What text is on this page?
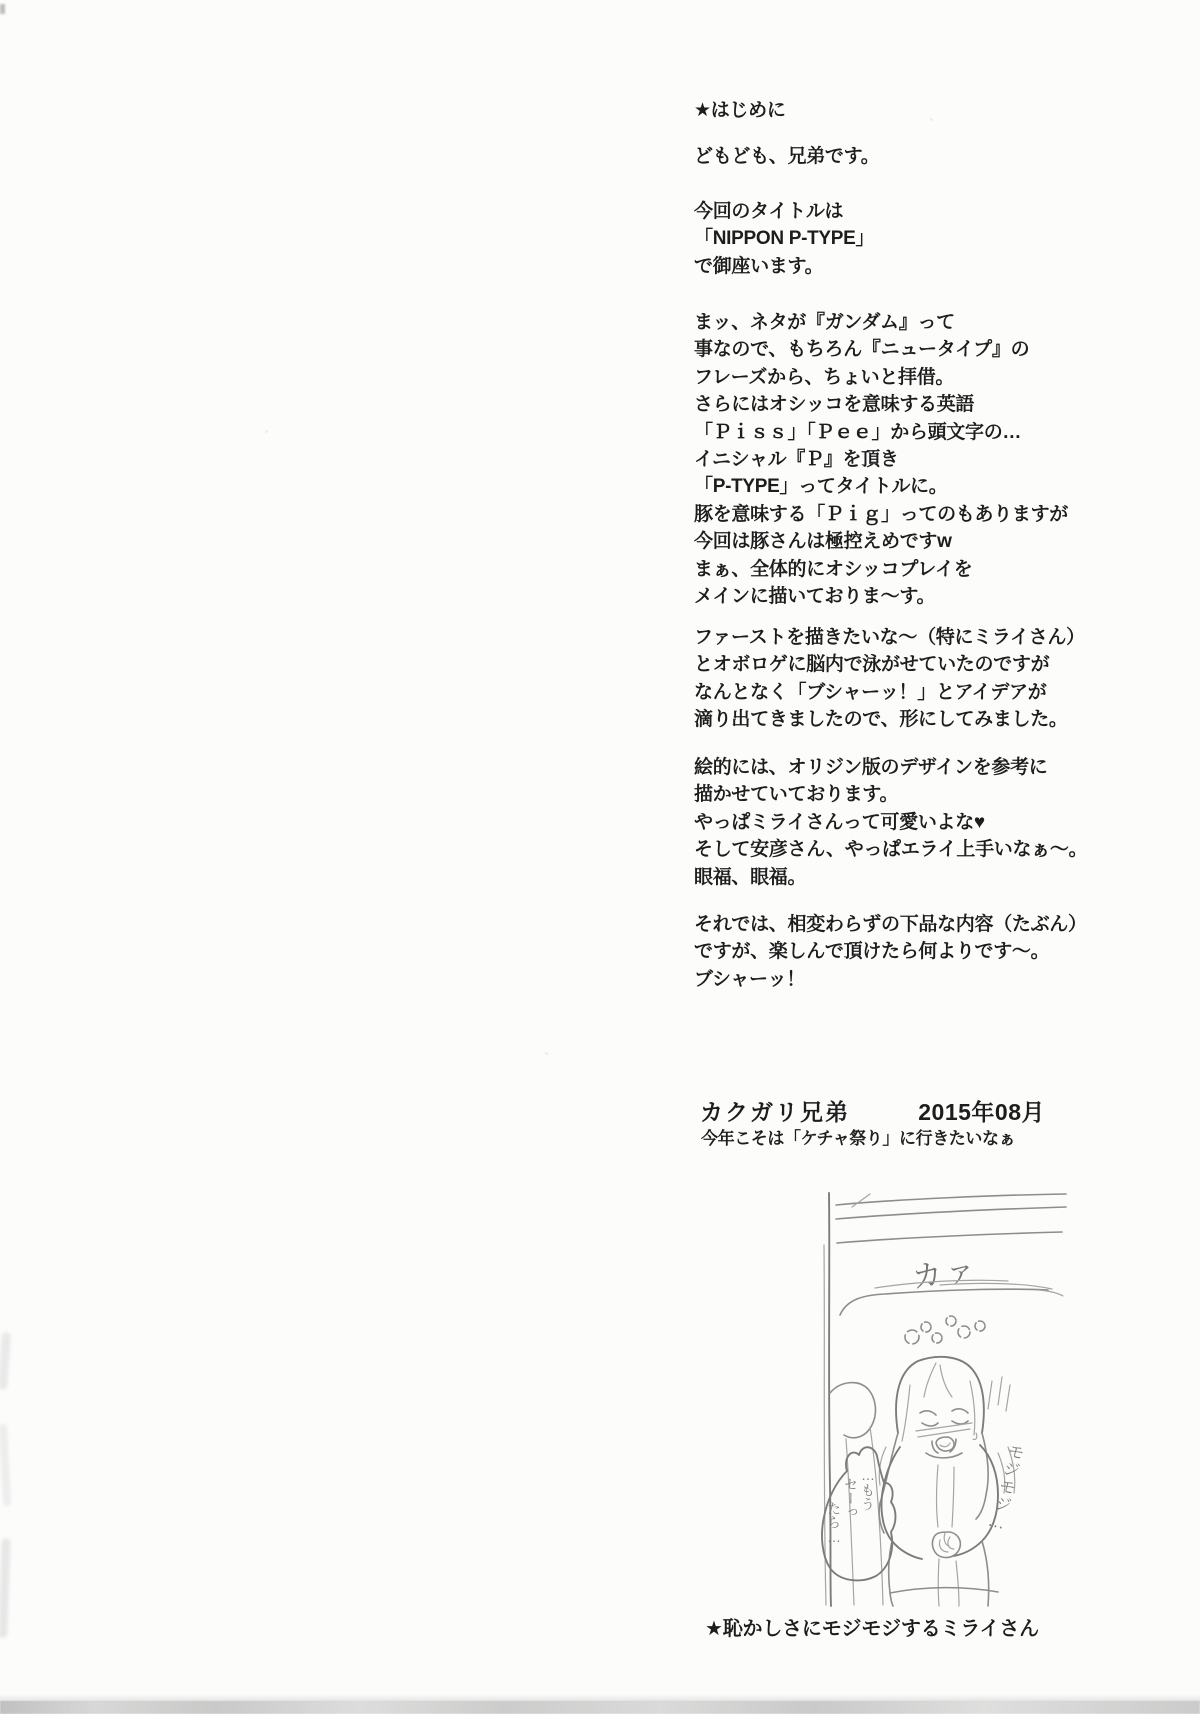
★はじめに
どもども、兄弟です。
今回のタイトルは
「NIPPON P-TYPE」
で御座います。
まッ、ネタが『ガンダム』って
事なので、もちろん『ニュータイプ』の
フレーズから、ちょいと拝借。
さらにはオシッコを意味する英語
「Ｐｉｓｓ」「Ｐｅｅ」から頭文字の…
イニシャル『Ｐ』を頂き
「P-TYPE」ってタイトルに。
豚を意味する「Ｐｉｇ」ってのもありますが
今回は豚さんは極控えめですw
まぁ、全体的にオシッコプレイを
メインに描いておりま〜す。
ファーストを描きたいな〜（特にミライさん）
とオボロゲに脳内で泳がせていたのですが
なんとなく「ブシャーッ！」とアイデアが
滴り出てきましたので、形にしてみました。
絵的には、オリジン版のデザインを参考に
描かせていております。
やっぱミライさんって可愛いよな♥
そして安彦さん、やっぱエライ上手いなぁ〜。
眼福、眼福。
それでは、相変わらずの下品な内容（たぶん）
ですが、楽しんで頂けたら何よりです〜。
ブシャーッ！
カクガリ兄弟	2015年08月
今年こそは「ケチャ祭り」に行きたいなぁ
カァ
…もう
セーっ
たら…	モジモジ…
★恥かしさにモジモジするミライさん
